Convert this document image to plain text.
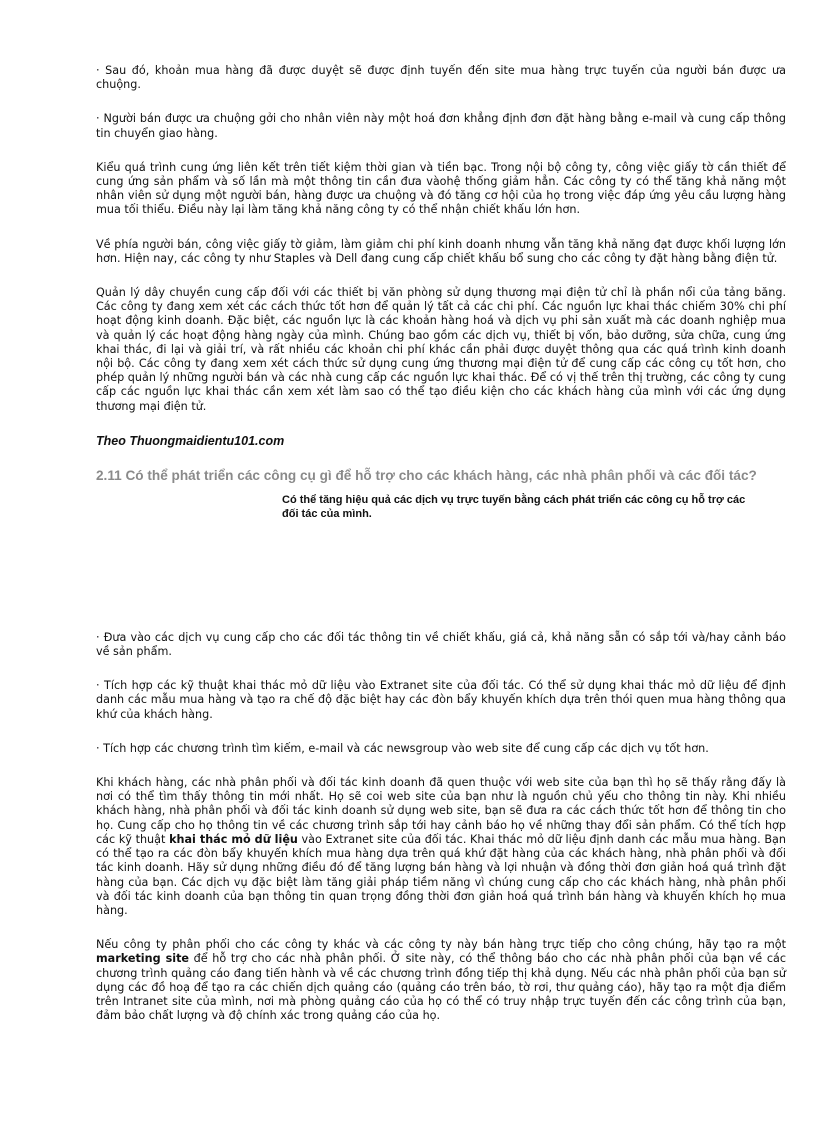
· Sau đó, khoản mua hàng đã được duyệt sẽ được định tuyến đến site mua hàng trực tuyến của người bán được ưa chuộng.

· Người bán được ưa chuộng gởi cho nhân viên này một hoá đơn khẳng định đơn đặt hàng bằng e-mail và cung cấp thông tin chuyển giao hàng.

Kiểu quá trình cung ứng liên kết trên tiết kiệm thời gian và tiền bạc. Trong nội bộ công ty, công việc giấy tờ cần thiết để cung ứng sản phẩm và số lần mà một thông tin cần đưa vàohệ thống giảm hẳn. Các công ty có thể tăng khả năng một nhân viên sử dụng một người bán, hàng được ưa chuộng và đó tăng cơ hội của họ trong việc đáp ứng yêu cầu lượng hàng mua tối thiểu. Điều này lại làm tăng khả năng công ty có thể nhận chiết khấu lớn hơn.

Về phía người bán, công việc giấy tờ giảm, làm giảm chi phí kinh doanh nhưng vẫn tăng khả năng đạt được khối lượng lớn hơn. Hiện nay, các công ty như Staples và Dell đang cung cấp chiết khấu bổ sung cho các công ty đặt hàng bằng điện tử.

Quản lý dây chuyền cung cấp đối với các thiết bị văn phòng sử dụng thương mại điện tử chỉ là phần nổi của tảng băng. Các công ty đang xem xét các cách thức tốt hơn để quản lý tất cả các chi phí. Các nguồn lực khai thác chiếm 30% chi phí hoạt động kinh doanh. Đặc biệt, các nguồn lực là các khoản hàng hoá và dịch vụ phi sản xuất mà các doanh nghiệp mua và quản lý các hoạt động hàng ngày của mình. Chúng bao gồm các dịch vụ, thiết bị vốn, bảo dưỡng, sửa chữa, cung ứng khai thác, đi lại và giải trí, và rất nhiều các khoản chi phí khác cần phải được duyệt thông qua các quá trình kinh doanh nội bộ. Các công ty đang xem xét cách thức sử dụng cung ứng thương mại điện tử để cung cấp các công cụ tốt hơn, cho phép quản lý những người bán và các nhà cung cấp các nguồn lực khai thác. Để có vị thế trên thị trường, các công ty cung cấp các nguồn lực khai thác cần xem xét làm sao có thể tạo điều kiện cho các khách hàng của mình với các ứng dụng thương mại điện tử.

Theo Thuongmaidientu101.com
2.11 Có thể phát triển các công cụ gì để hỗ trợ cho các khách hàng, các nhà phân phối và các đối tác?
Có thể tăng hiệu quả các dịch vụ trực tuyến bằng cách phát triển các công cụ hỗ trợ các đối tác của mình.

· Đưa vào các dịch vụ cung cấp cho các đối tác thông tin về chiết khấu, giá cả, khả năng sẵn có sắp tới và/hay cảnh báo về sản phẩm.

· Tích hợp các kỹ thuật khai thác mỏ dữ liệu vào Extranet site của đối tác. Có thể sử dụng khai thác mỏ dữ liệu để định danh các mẫu mua hàng và tạo ra chế độ đặc biệt hay các đòn bẩy khuyến khích dựa trên thói quen mua hàng thông qua khứ của khách hàng.

· Tích hợp các chương trình tìm kiếm, e-mail và các newsgroup vào web site để cung cấp các dịch vụ tốt hơn.

Khi khách hàng, các nhà phân phối và đối tác kinh doanh đã quen thuộc với web site của bạn thì họ sẽ thấy rằng đấy là nơi có thể tìm thấy thông tin mới nhất. Họ sẽ coi web site của bạn như là nguồn chủ yếu cho thông tin này. Khi nhiều khách hàng, nhà phân phối và đối tác kinh doanh sử dụng web site, bạn sẽ đưa ra các cách thức tốt hơn để thông tin cho họ. Cung cấp cho họ thông tin về các chương trình sắp tới hay cảnh báo họ về những thay đổi sản phẩm. Có thể tích hợp các kỹ thuật khai thác mỏ dữ liệu vào Extranet site của đối tác. Khai thác mỏ dữ liệu định danh các mẫu mua hàng. Bạn có thể tạo ra các đòn bẩy khuyến khích mua hàng dựa trên quá khứ đặt hàng của các khách hàng, nhà phân phối và đối tác kinh doanh. Hãy sử dụng những điều đó để tăng lượng bán hàng và lợi nhuận và đồng thời đơn giản hoá quá trình đặt hàng của bạn. Các dịch vụ đặc biệt làm tăng giải pháp tiềm năng vì chúng cung cấp cho các khách hàng, nhà phân phối và đối tác kinh doanh của bạn thông tin quan trọng đồng thời đơn giản hoá quá trình bán hàng và khuyến khích họ mua hàng.

Nếu công ty phân phối cho các công ty khác và các công ty này bán hàng trực tiếp cho công chúng, hãy tạo ra một marketing site để hỗ trợ cho các nhà phân phối. Ở site này, có thể thông báo cho các nhà phân phối của bạn về các chương trình quảng cáo đang tiến hành và về các chương trình đồng tiếp thị khả dụng. Nếu các nhà phân phối của bạn sử dụng các đồ hoạ để tạo ra các chiến dịch quảng cáo (quảng cáo trên báo, tờ rơi, thư quảng cáo), hãy tạo ra một địa điểm trên Intranet site của mình, nơi mà phòng quảng cáo của họ có thể có truy nhập trực tuyến đến các công trình của bạn, đảm bảo chất lượng và độ chính xác trong quảng cáo của họ.
